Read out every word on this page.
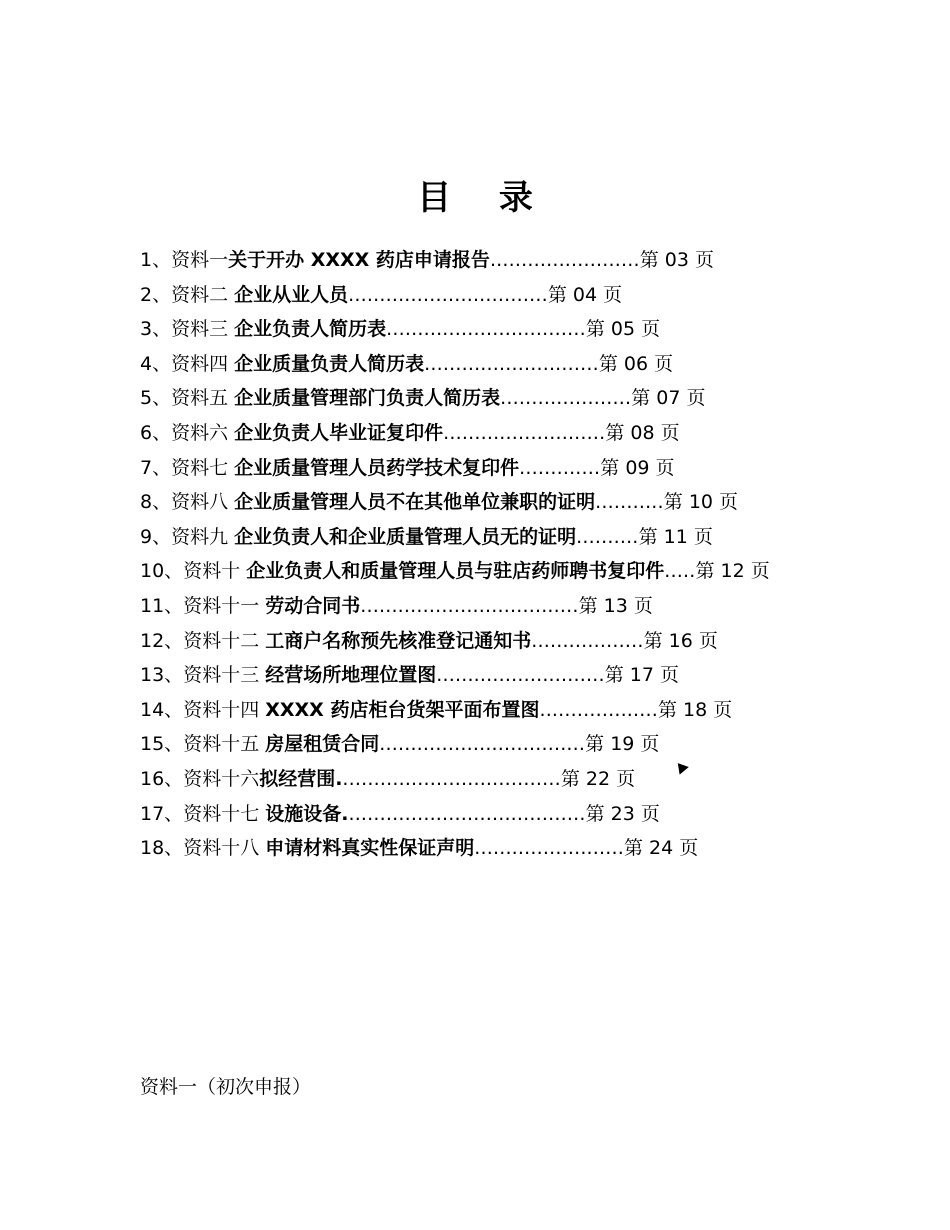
目 录
1、资料一关于开办 XXXX 药店申请报告........................第 03 页
2、资料二 企业从业人员................................第 04 页
3、资料三 企业负责人简历表................................第 05 页
4、资料四 企业质量负责人简历表............................第 06 页
5、资料五 企业质量管理部门负责人简历表.....................第 07 页
6、资料六 企业负责人毕业证复印件..........................第 08 页
7、资料七 企业质量管理人员药学技术复印件.............第 09 页
8、资料八 企业质量管理人员不在其他单位兼职的证明...........第 10 页
9、资料九 企业负责人和企业质量管理人员无的证明..........第 11 页
10、资料十 企业负责人和质量管理人员与驻店药师聘书复印件.....第 12 页
11、资料十一 劳动合同书...................................第 13 页
12、资料十二 工商户名称预先核准登记通知书..................第 16 页
13、资料十三 经营场所地理位置图...........................第 17 页
14、资料十四 XXXX 药店柜台货架平面布置图...................第 18 页
15、资料十五 房屋租赁合同.................................第 19 页
16、资料十六拟经营围....................................第 22 页
17、资料十七 设施设备.......................................第 23 页
18、资料十八 申请材料真实性保证声明........................第 24 页
资料一（初次申报）
